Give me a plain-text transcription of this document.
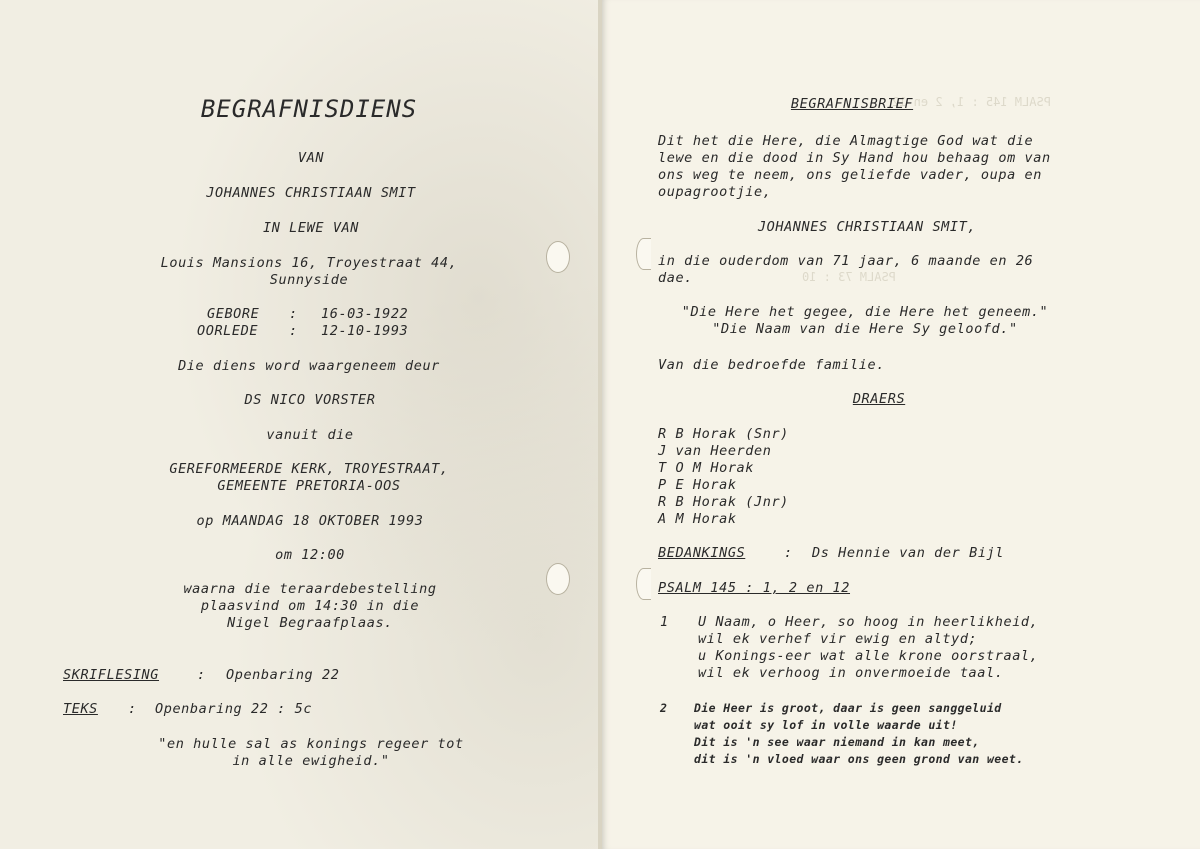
BEGRAFNISDIENS
VAN
JOHANNES CHRISTIAAN SMIT
IN LEWE VAN
Louis Mansions 16, Troyestraat 44,
Sunnyside
GEBORE : 16-03-1922
OORLEDE : 12-10-1993
Die diens word waargeneem deur
DS NICO VORSTER
vanuit die
GEREFORMEERDE KERK, TROYESTRAAT,
GEMEENTE PRETORIA-OOS
op MAANDAG 18 OKTOBER 1993
om 12:00
waarna die teraardebestelling
plaasvind om 14:30 in die
Nigel Begraafplaas.
SKRIFLESING	: Openbaring 22
TEKS : Openbaring 22 : 5c
"en hulle sal as konings regeer tot
in alle ewigheid."
PSALM 145 : 1, 2 en 12
PSALM 73 : 10
BEGRAFNISBRIEF
Dit het die Here, die Almagtige God wat die
lewe en die dood in Sy Hand hou behaag om van
ons weg te neem, ons geliefde vader, oupa en
oupagrootjie,
JOHANNES CHRISTIAAN SMIT,
in die ouderdom van 71 jaar, 6 maande en 26
dae.
"Die Here het gegee, die Here het geneem."
"Die Naam van die Here Sy geloofd."
Van die bedroefde familie.
DRAERS
R B Horak (Snr)
J van Heerden
T O M Horak
P E Horak
R B Horak (Jnr)
A M Horak
BEDANKINGS	: Ds Hennie van der Bijl
PSALM 145 : 1, 2 en 12
1 U Naam, o Heer, so hoog in heerlikheid,
wil ek verhef vir ewig en altyd;
u Konings-eer wat alle krone oorstraal,
wil ek verhoog in onvermoeide taal.
2 Die Heer is groot, daar is geen sanggeluid
wat ooit sy lof in volle waarde uit!
Dit is 'n see waar niemand in kan meet,
dit is 'n vloed waar ons geen grond van weet.
